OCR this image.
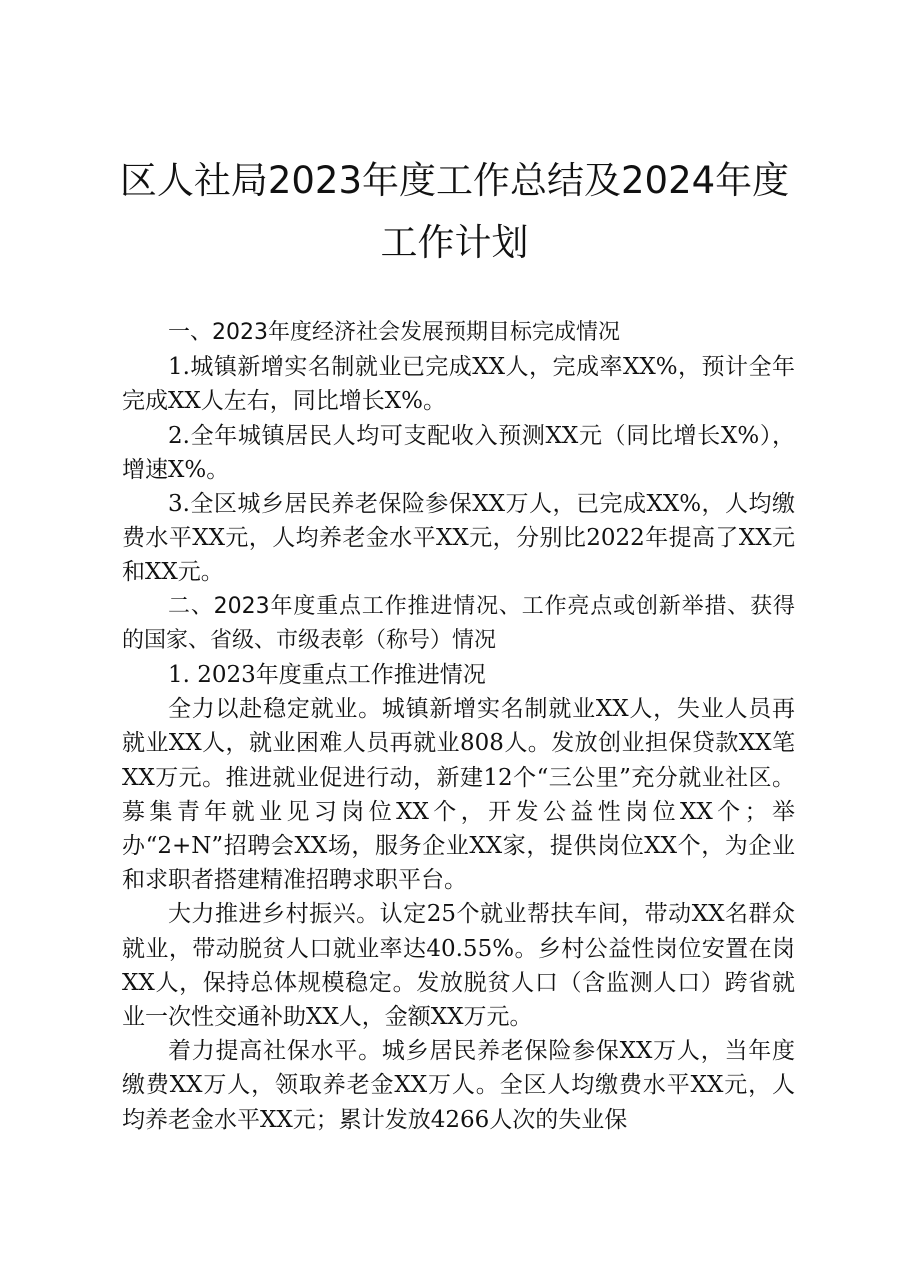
区人社局2023年度工作总结及2024年度工作计划

一、2023年度经济社会发展预期目标完成情况

1.城镇新增实名制就业已完成XX人，完成率XX%，预计全年完成XX人左右，同比增长X%。

2.全年城镇居民人均可支配收入预测XX元（同比增长X%），增速X%。

3.全区城乡居民养老保险参保XX万人，已完成XX%，人均缴费水平XX元，人均养老金水平XX元，分别比2022年提高了XX元和XX元。

二、2023年度重点工作推进情况、工作亮点或创新举措、获得的国家、省级、市级表彰（称号）情况

1. 2023年度重点工作推进情况

全力以赴稳定就业。城镇新增实名制就业XX人，失业人员再就业XX人，就业困难人员再就业808人。发放创业担保贷款XX笔XX万元。推进就业促进行动，新建12个“三公里”充分就业社区。募集青年就业见习岗位XX个，开发公益性岗位XX个；举办“2+N”招聘会XX场，服务企业XX家，提供岗位XX个，为企业和求职者搭建精准招聘求职平台。

大力推进乡村振兴。认定25个就业帮扶车间，带动XX名群众就业，带动脱贫人口就业率达40.55%。乡村公益性岗位安置在岗XX人，保持总体规模稳定。发放脱贫人口（含监测人口）跨省就业一次性交通补助XX人，金额XX万元。

着力提高社保水平。城乡居民养老保险参保XX万人，当年度缴费XX万人，领取养老金XX万人。全区人均缴费水平XX元，人均养老金水平XX元；累计发放4266人次的失业保
